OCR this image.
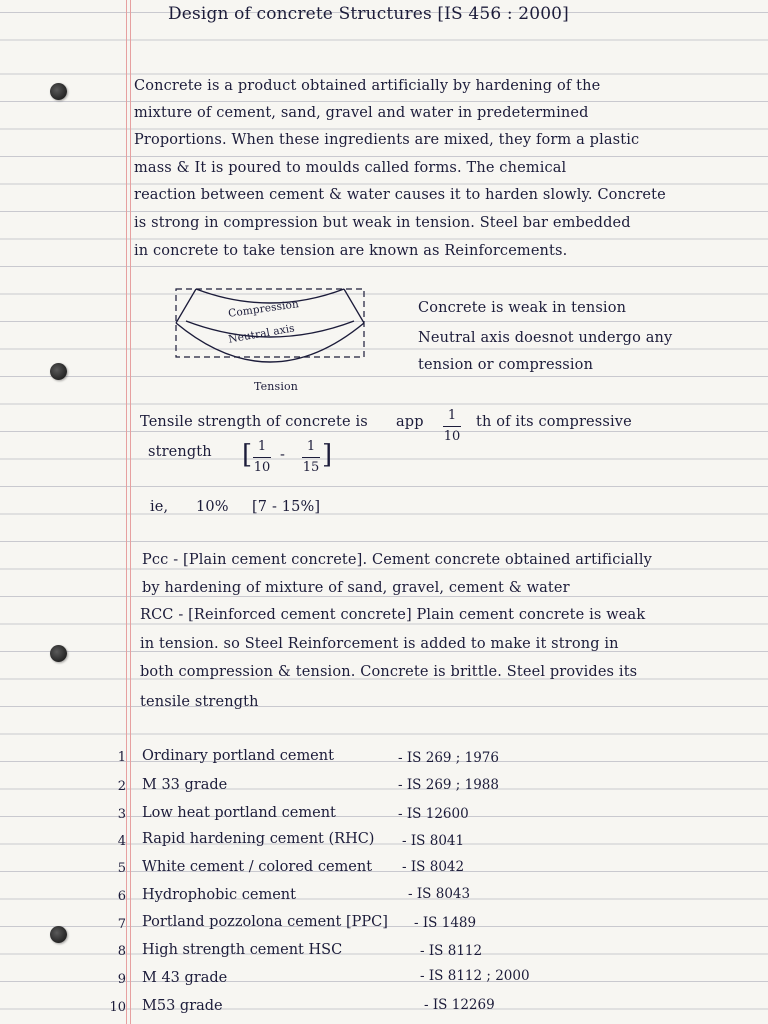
Design of concrete Structures [IS 456 : 2000]
Concrete is a product obtained artificially by hardening of the
mixture of cement, sand, gravel and water in predetermined
Proportions. When these ingredients are mixed, they form a plastic
mass & It is poured to moulds called forms. The chemical
reaction between cement & water causes it to harden slowly. Concrete
is strong in compression but weak in tension. Steel bar embedded
in concrete to take tension are known as Reinforcements.
Compression
Neutral axis
Tension
Concrete is weak in tension
Neutral axis doesnot undergo any
tension or compression
Tensile strength of concrete is app	1
10
th of its compressive
strength [ 1
10
-
1
15 ]
ie, 10% [7 - 15%]
Pcc - [Plain cement concrete]. Cement concrete obtained artificially
by hardening of mixture of sand, gravel, cement & water
RCC - [Reinforced cement concrete] Plain cement concrete is weak
in tension. so Steel Reinforcement is added to make it strong in
both compression & tension. Concrete is brittle. Steel provides its
tensile strength
1 Ordinary portland cement	- IS 269 ; 1976
2 M 33 grade	- IS 269 ; 1988
3 Low heat portland cement	- IS 12600
4 Rapid hardening cement (RHC) - IS 8041
5 White cement / colored cement - IS 8042
6 Hydrophobic cement	- IS 8043
7 Portland pozzolona cement [PPC] - IS 1489
8 High strength cement HSC	- IS 8112
9 M 43 grade	- IS 8112 ; 2000
10 M53 grade	- IS 12269
